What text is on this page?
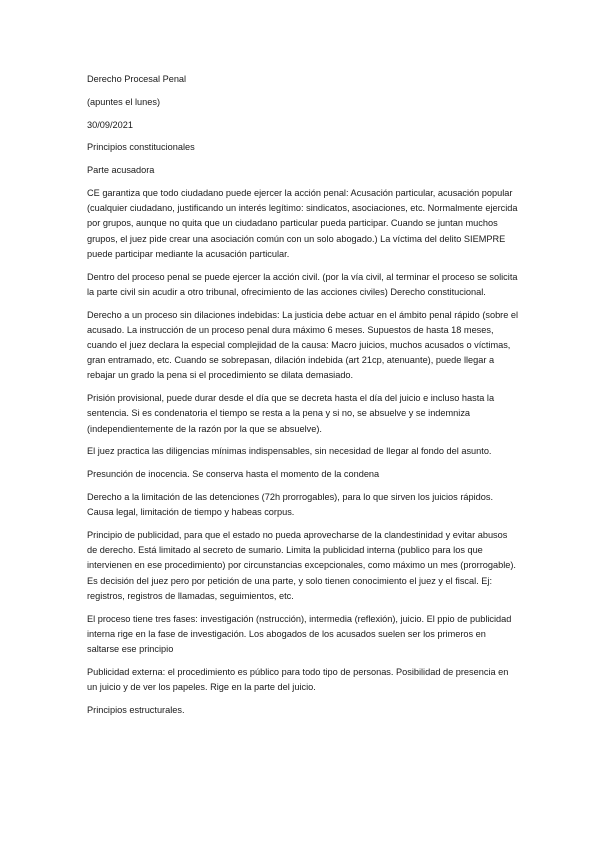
Derecho Procesal Penal

(apuntes el lunes)

30/09/2021

Principios constitucionales

Parte acusadora

CE garantiza que todo ciudadano puede ejercer la acción penal: Acusación particular, acusación popular (cualquier ciudadano, justificando un interés legítimo: sindicatos, asociaciones, etc. Normalmente ejercida por grupos, aunque no quita que un ciudadano particular pueda participar. Cuando se juntan muchos grupos, el juez pide crear una asociación común con un solo abogado.) La víctima del delito SIEMPRE puede participar mediante la acusación particular.

Dentro del proceso penal se puede ejercer la acción civil. (por la vía civil, al terminar el proceso se solicita la parte civil sin acudir a otro tribunal, ofrecimiento de las acciones civiles) Derecho constitucional.

Derecho a un proceso sin dilaciones indebidas: La justicia debe actuar en el ámbito penal rápido (sobre el acusado. La instrucción de un proceso penal dura máximo 6 meses. Supuestos de hasta 18 meses, cuando el juez declara la especial complejidad de la causa: Macro juicios, muchos acusados o víctimas, gran entramado, etc. Cuando se sobrepasan, dilación indebida (art 21cp, atenuante), puede llegar a rebajar un grado la pena si el procedimiento se dilata demasiado.

Prisión provisional, puede durar desde el día que se decreta hasta el día del juicio e incluso hasta la sentencia. Si es condenatoria el tiempo se resta a la pena y si no, se absuelve y se indemniza (independientemente de la razón por la que se absuelve).

El juez practica las diligencias mínimas indispensables, sin necesidad de llegar al fondo del asunto.

Presunción de inocencia. Se conserva hasta el momento de la condena

Derecho a la limitación de las detenciones (72h prorrogables), para lo que sirven los juicios rápidos. Causa legal, limitación de tiempo y habeas corpus.

Principio de publicidad, para que el estado no pueda aprovecharse de la clandestinidad y evitar abusos de derecho. Está limitado al secreto de sumario. Limita la publicidad interna (publico para los que intervienen en ese procedimiento) por circunstancias excepcionales, como máximo un mes (prorrogable). Es decisión del juez pero por petición de una parte, y solo tienen conocimiento el juez y el fiscal. Ej: registros, registros de llamadas, seguimientos, etc.

El proceso tiene tres fases: investigación (nstrucción), intermedia (reflexión), juicio. El ppio de publicidad interna rige en la fase de investigación. Los abogados de los acusados suelen ser los primeros en saltarse ese principio

Publicidad externa: el procedimiento es público para todo tipo de personas. Posibilidad de presencia en un juicio y de ver los papeles. Rige en la parte del juicio.

Principios estructurales.
